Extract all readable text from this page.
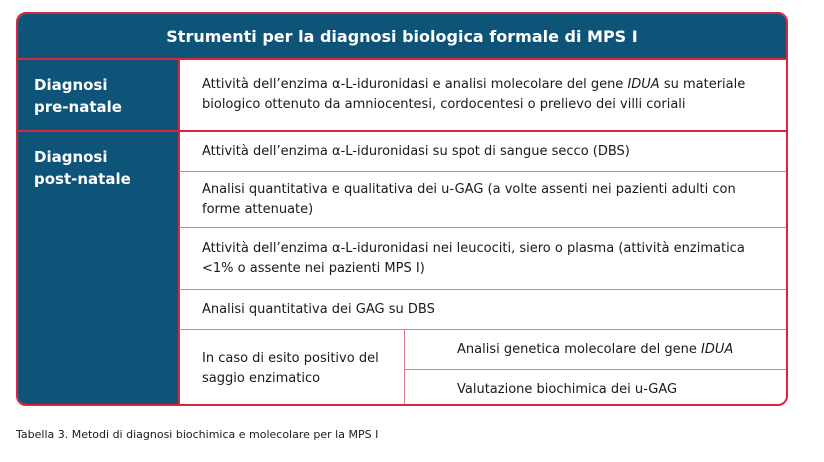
Strumenti per la diagnosi biologica formale di MPS I
Diagnosi
pre-natale
Attività dell’enzima α-L-iduronidasi e analisi molecolare del gene IDUA su materiale biologico ottenuto da amniocentesi, cordocentesi o prelievo dei villi coriali
Diagnosi
post-natale
Attività dell’enzima α-L-iduronidasi su spot di sangue secco (DBS)
Analisi quantitativa e qualitativa dei u-GAG (a volte assenti nei pazienti adulti con forme attenuate)
Attività dell’enzima α-L-iduronidasi nei leucociti, siero o plasma (attività enzimatica <1% o assente nei pazienti MPS I)
Analisi quantitativa dei GAG su DBS
In caso di esito positivo del saggio enzimatico
Analisi genetica molecolare del gene IDUA
Valutazione biochimica dei u-GAG
Tabella 3. Metodi di diagnosi biochimica e molecolare per la MPS I
